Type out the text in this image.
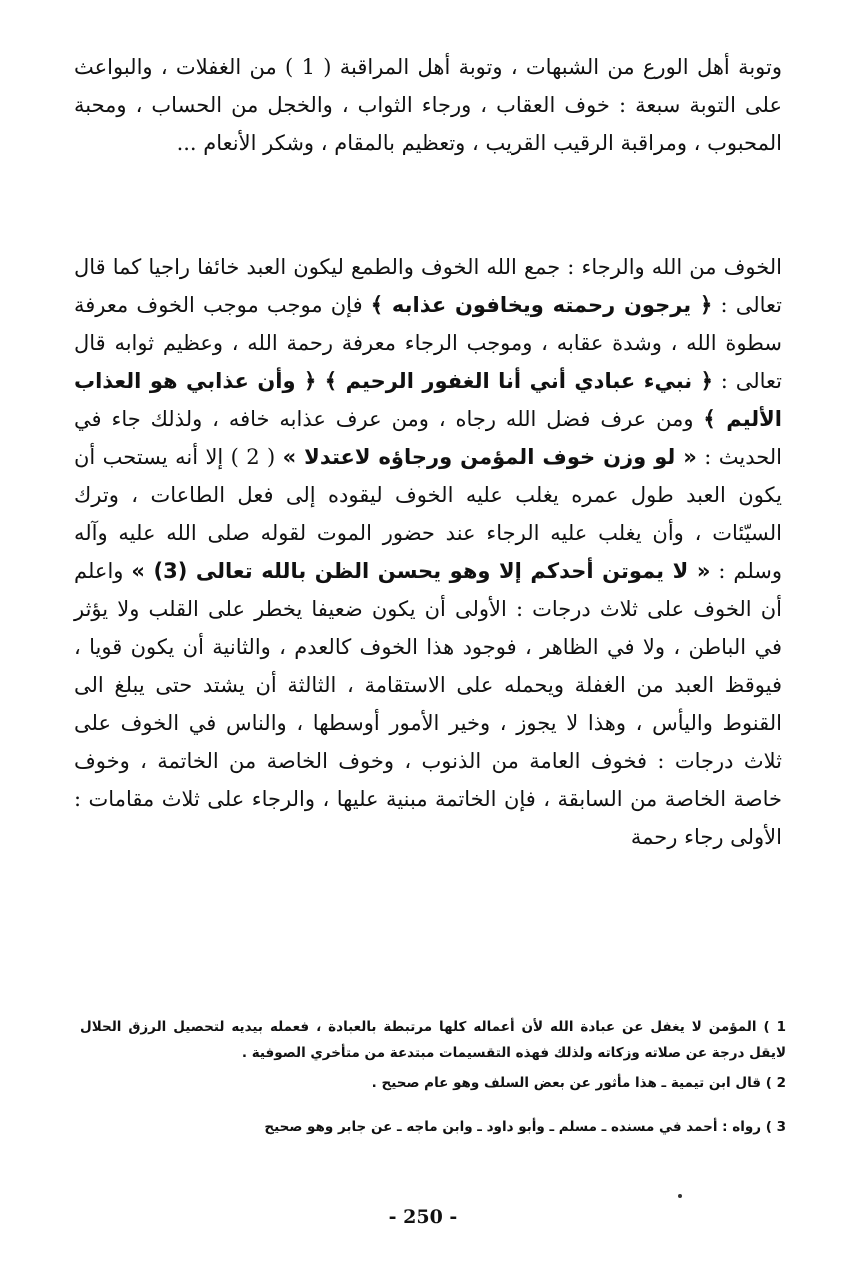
وتوبة أهل الورع من الشبهات ، وتوبة أهل المراقبة ( 1 ) من الغفلات ، والبواعث على التوبة سبعة : خوف العقاب ، ورجاء الثواب ، والخجل من الحساب ، ومحبة المحبوب ، ومراقبة الرقيب القريب ، وتعظيم بالمقام ، وشكر الأنعام ...

الخوف من الله والرجاء : جمع الله الخوف والطمع ليكون العبد خائفا راجيا كما قال تعالى : ﴿ يرجون رحمته ويخافون عذابه ﴾ فإن موجب موجب الخوف معرفة سطوة الله ، وشدة عقابه ، وموجب الرجاء معرفة رحمة الله ، وعظيم ثوابه قال تعالى : ﴿ نبيء عبادي أني أنا الغفور الرحيم ﴾ ﴿ وأن عذابي هو العذاب الأليم ﴾ ومن عرف فضل الله رجاه ، ومن عرف عذابه خافه ، ولذلك جاء في الحديث : « لو وزن خوف المؤمن ورجاؤه لاعتدلا » ( 2 ) إلا أنه يستحب أن يكون العبد طول عمره يغلب عليه الخوف ليقوده إلى فعل الطاعات ، وترك السيّئات ، وأن يغلب عليه الرجاء عند حضور الموت لقوله صلى الله عليه وآله وسلم : « لا يموتن أحدكم إلا وهو يحسن الظن بالله تعالى (3) » واعلم أن الخوف على ثلاث درجات : الأولى أن يكون ضعيفا يخطر على القلب ولا يؤثر في الباطن ، ولا في الظاهر ، فوجود هذا الخوف كالعدم ، والثانية أن يكون قويا ، فيوقظ العبد من الغفلة ويحمله على الاستقامة ، الثالثة أن يشتد حتى يبلغ الى القنوط واليأس ، وهذا لا يجوز ، وخير الأمور أوسطها ، والناس في الخوف على ثلاث درجات : فخوف العامة من الذنوب ، وخوف الخاصة من الخاتمة ، وخوف خاصة الخاصة من السابقة ، فإن الخاتمة مبنية عليها ، والرجاء على ثلاث مقامات : الأولى رجاء رحمة

1 ) المؤمن لا يغفل عن عبادة الله لأن أعماله كلها مرتبطة بالعبادة ، فعمله بيديه لتحصيل الرزق الحلال لايقل درجة عن صلاته وزكاته ولذلك فهذه التقسيمات مبتدعة من متأخري الصوفية .

2 ) قال ابن تيمية ـ هذا مأثور عن بعض السلف وهو عام صحيح .

3 ) رواه : أحمد في مسنده ـ مسلم ـ وأبو داود ـ وابن ماجه ـ عن جابر وهو صحيح

- 250 -
